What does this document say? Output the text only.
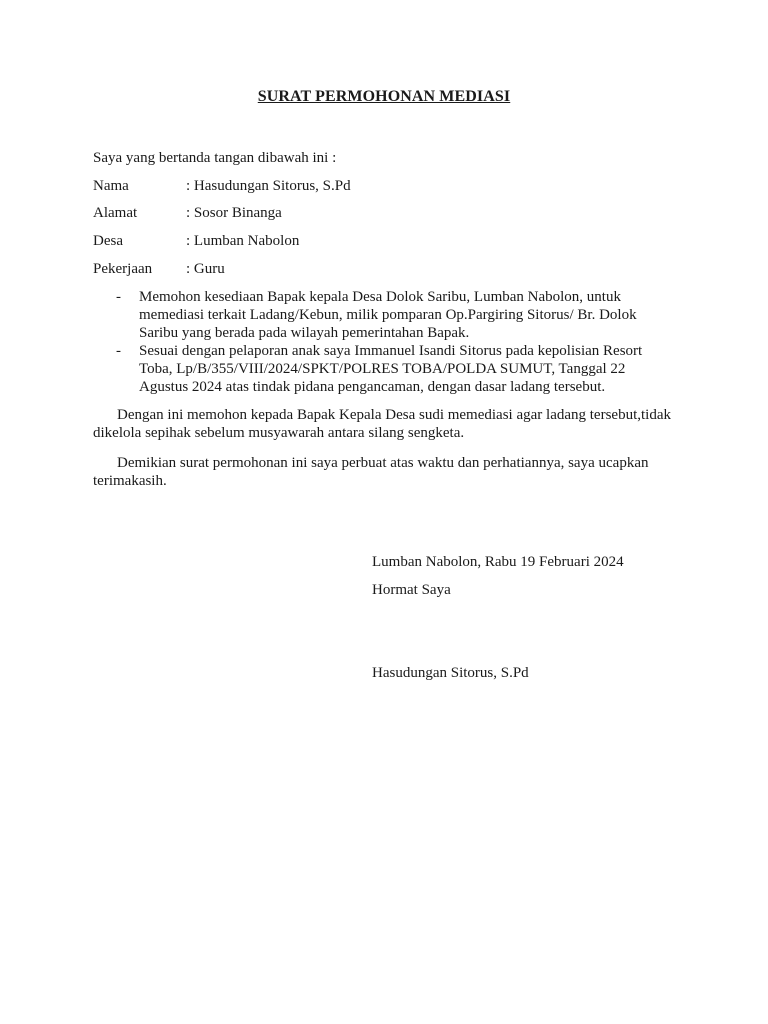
SURAT PERMOHONAN MEDIASI
Saya yang bertanda tangan dibawah ini :
Nama	: Hasudungan Sitorus, S.Pd
Alamat	: Sosor Binanga
Desa	: Lumban Nabolon
Pekerjaan : Guru
- Memohon kesediaan Bapak kepala Desa Dolok Saribu, Lumban Nabolon, untuk memediasi terkait Ladang/Kebun, milik pomparan Op.Pargiring Sitorus/ Br. Dolok Saribu yang berada pada wilayah pemerintahan Bapak.
- Sesuai dengan pelaporan anak saya Immanuel Isandi Sitorus pada kepolisian Resort Toba, Lp/B/355/VIII/2024/SPKT/POLRES TOBA/POLDA SUMUT, Tanggal 22 Agustus 2024 atas tindak pidana pengancaman, dengan dasar ladang tersebut.
Dengan ini memohon kepada Bapak Kepala Desa sudi memediasi agar ladang tersebut,tidak dikelola sepihak sebelum musyawarah antara silang sengketa.
Demikian surat permohonan ini saya perbuat atas waktu dan perhatiannya, saya ucapkan terimakasih.
Lumban Nabolon, Rabu 19 Februari 2024
Hormat Saya
Hasudungan Sitorus, S.Pd
